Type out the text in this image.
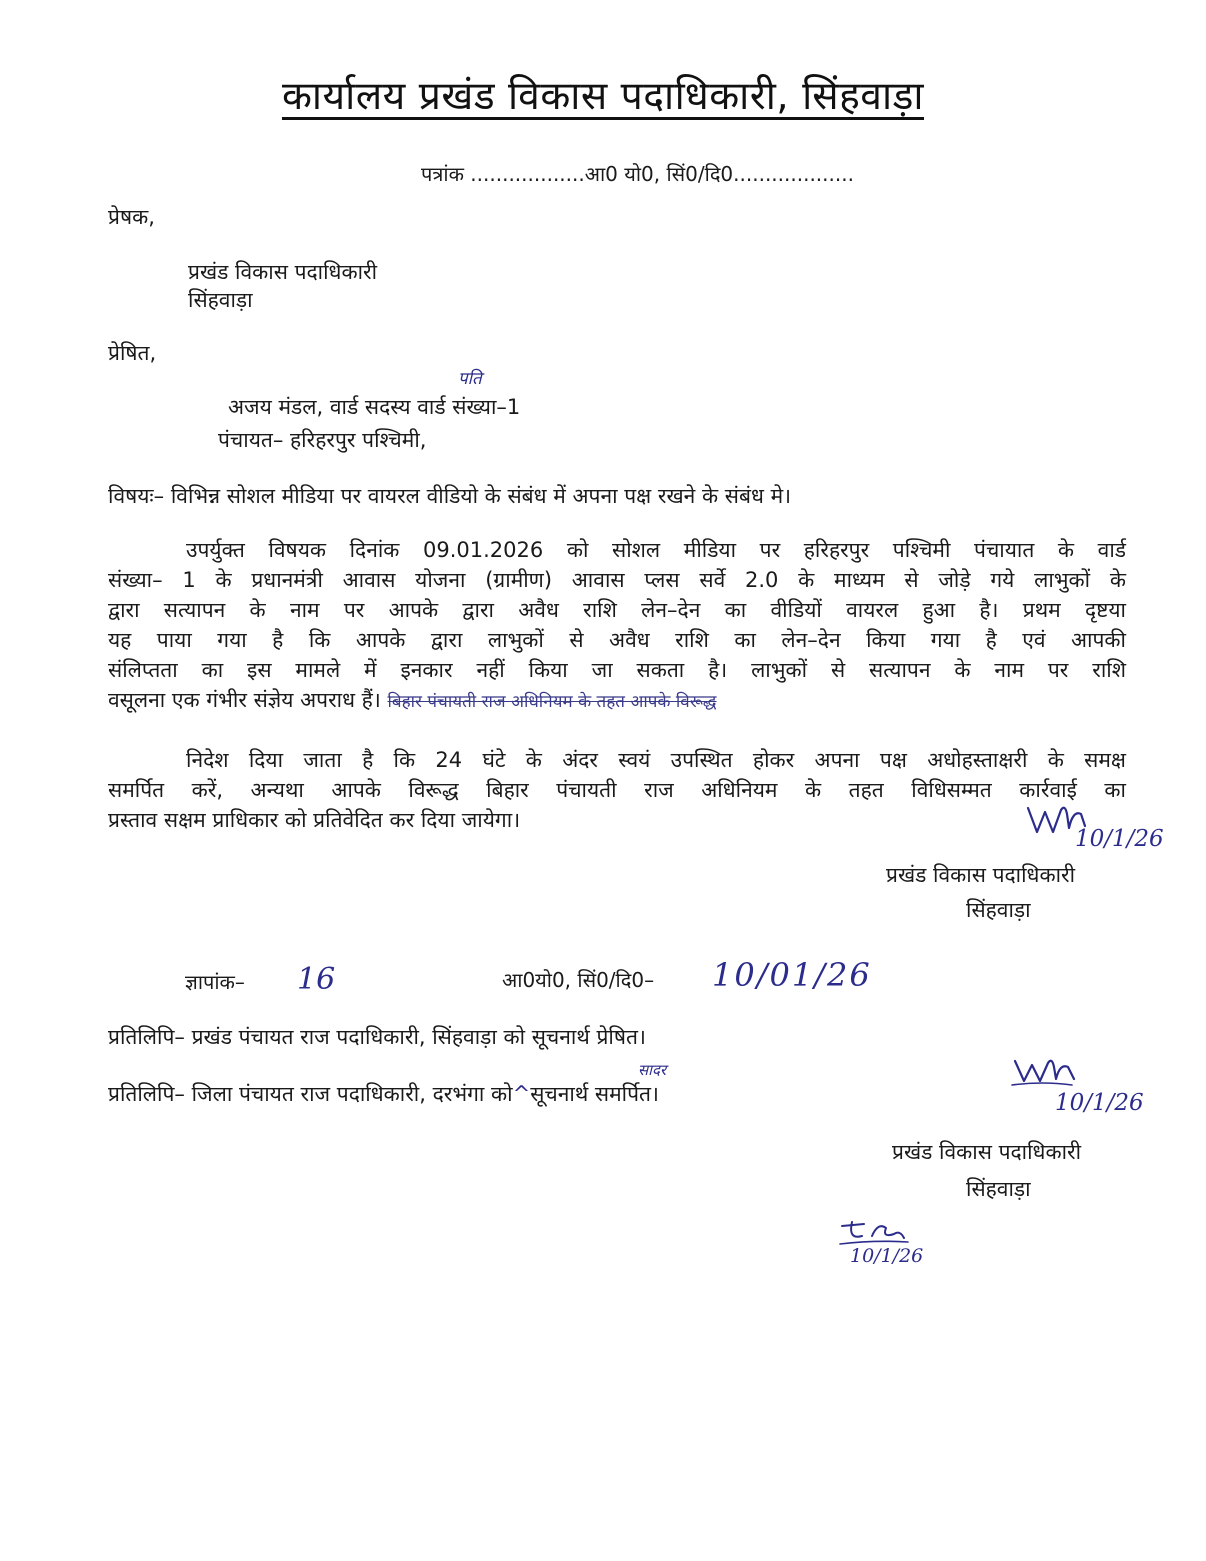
कार्यालय प्रखंड विकास पदाधिकारी, सिंहवाड़ा
पत्रांक ..................आ0 यो0, सिं0/दि0...................
प्रेषक,
प्रखंड विकास पदाधिकारी
सिंहवाड़ा
प्रेषित,
पति
अजय मंडल, वार्ड सदस्य वार्ड संख्या–1
पंचायत– हरिहरपुर पश्चिमी,
विषयः– विभिन्न सोशल मीडिया पर वायरल वीडियो के संबंध में अपना पक्ष रखने के संबंध मे।
उपर्युक्त विषयक दिनांक 09.01.2026 को सोशल मीडिया पर हरिहरपुर पश्चिमी पंचायात के वार्ड
संख्या– 1 के प्रधानमंत्री आवास योजना (ग्रामीण) आवास प्लस सर्वे 2.0 के माध्यम से जोड़े गये लाभुकों के
द्वारा सत्यापन के नाम पर आपके द्वारा अवैध राशि लेन–देन का वीडियों वायरल हुआ है। प्रथम दृष्टया
यह पाया गया है कि आपके द्वारा लाभुकों से अवैध राशि का लेन–देन किया गया है एवं आपकी
संलिप्तता का इस मामले में इनकार नहीं किया जा सकता है। लाभुकों से सत्यापन के नाम पर राशि
वसूलना एक गंभीर संज्ञेय अपराध हैं। बिहार पंचायती राज अधिनियम के तहत आपके विरूद्ध
निदेश दिया जाता है कि 24 घंटे के अंदर स्वयं उपस्थित होकर अपना पक्ष अधोहस्ताक्षरी के समक्ष
समर्पित करें, अन्यथा आपके विरूद्ध बिहार पंचायती राज अधिनियम के तहत विधिसम्मत कार्रवाई का
प्रस्ताव सक्षम प्राधिकार को प्रतिवेदित कर दिया जायेगा।
10/1/26
प्रखंड विकास पदाधिकारी
सिंहवाड़ा
ज्ञापांक– 16	आ0यो0, सिं0/दि0– 10/01/26
प्रतिलिपि– प्रखंड पंचायत राज पदाधिकारी, सिंहवाड़ा को सूचनार्थ प्रेषित।
सादर
प्रतिलिपि– जिला पंचायत राज पदाधिकारी, दरभंगा को^सूचनार्थ समर्पित।	10/1/26
प्रखंड विकास पदाधिकारी
सिंहवाड़ा
10/1/26
